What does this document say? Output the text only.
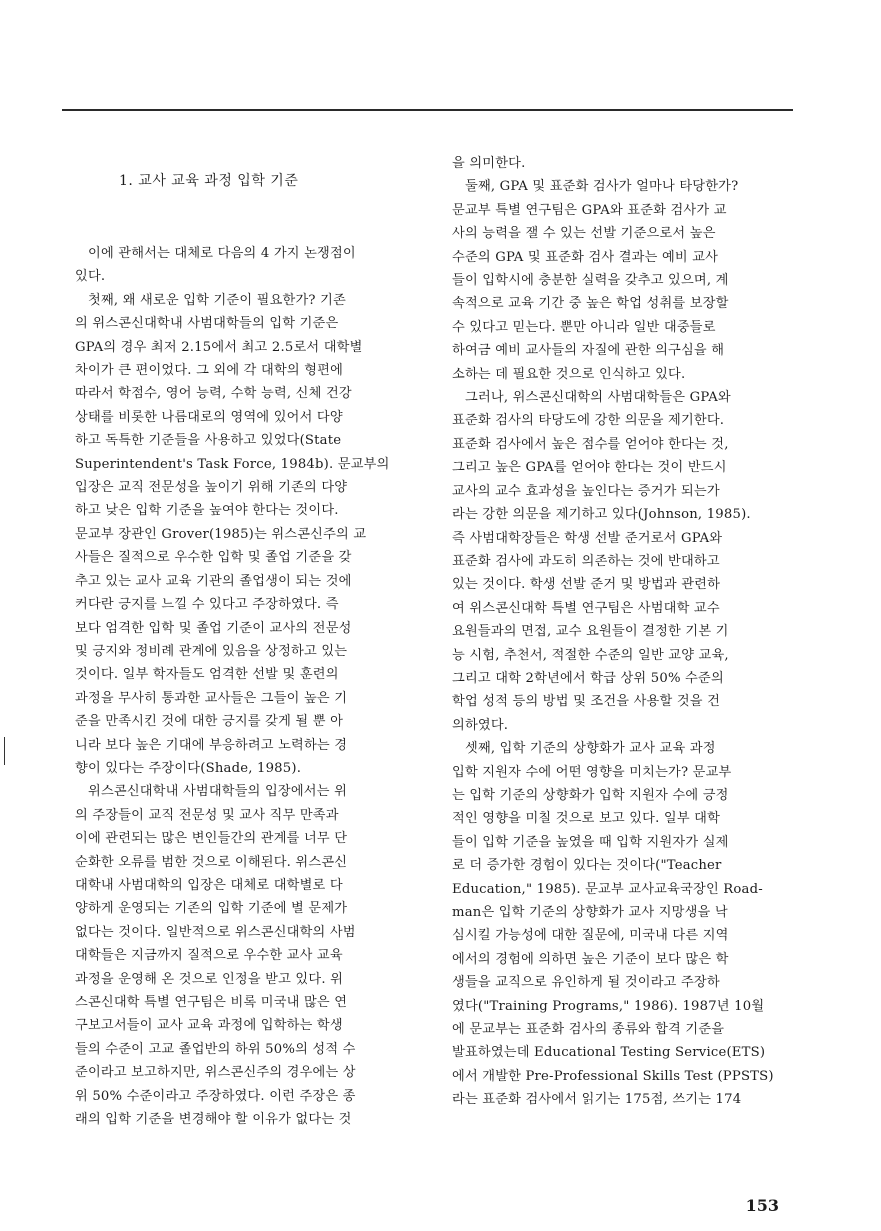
1. 교사 교육 과정 입학 기준
이에 관해서는 대체로 다음의 4 가지 논쟁점이
있다.
첫째, 왜 새로운 입학 기준이 필요한가? 기존
의 위스콘신대학내 사범대학들의 입학 기준은
GPA의 경우 최저 2.15에서 최고 2.5로서 대학별
차이가 큰 편이었다. 그 외에 각 대학의 형편에
따라서 학점수, 영어 능력, 수학 능력, 신체 건강
상태를 비롯한 나름대로의 영역에 있어서 다양
하고 독특한 기준들을 사용하고 있었다(State
Superintendent's Task Force, 1984b). 문교부의
입장은 교직 전문성을 높이기 위해 기존의 다양
하고 낮은 입학 기준을 높여야 한다는 것이다.
문교부 장관인 Grover(1985)는 위스콘신주의 교
사들은 질적으로 우수한 입학 및 졸업 기준을 갖
추고 있는 교사 교육 기관의 졸업생이 되는 것에
커다란 긍지를 느낄 수 있다고 주장하였다. 즉
보다 엄격한 입학 및 졸업 기준이 교사의 전문성
및 긍지와 정비례 관계에 있음을 상정하고 있는
것이다. 일부 학자들도 엄격한 선발 및 훈련의
과정을 무사히 통과한 교사들은 그들이 높은 기
준을 만족시킨 것에 대한 긍지를 갖게 될 뿐 아
니라 보다 높은 기대에 부응하려고 노력하는 경
향이 있다는 주장이다(Shade, 1985).
위스콘신대학내 사범대학들의 입장에서는 위
의 주장들이 교직 전문성 및 교사 직무 만족과
이에 관련되는 많은 변인들간의 관계를 너무 단
순화한 오류를 범한 것으로 이해된다. 위스콘신
대학내 사범대학의 입장은 대체로 대학별로 다
양하게 운영되는 기존의 입학 기준에 별 문제가
없다는 것이다. 일반적으로 위스콘신대학의 사범
대학들은 지금까지 질적으로 우수한 교사 교육
과정을 운영해 온 것으로 인정을 받고 있다. 위
스콘신대학 특별 연구팀은 비록 미국내 많은 연
구보고서들이 교사 교육 과정에 입학하는 학생
들의 수준이 고교 졸업반의 하위 50%의 성적 수
준이라고 보고하지만, 위스콘신주의 경우에는 상
위 50% 수준이라고 주장하였다. 이런 주장은 종
래의 입학 기준을 변경해야 할 이유가 없다는 것
을 의미한다.
둘째, GPA 및 표준화 검사가 얼마나 타당한가?
문교부 특별 연구팀은 GPA와 표준화 검사가 교
사의 능력을 잴 수 있는 선발 기준으로서 높은
수준의 GPA 및 표준화 검사 결과는 예비 교사
들이 입학시에 충분한 실력을 갖추고 있으며, 계
속적으로 교육 기간 중 높은 학업 성취를 보장할
수 있다고 믿는다. 뿐만 아니라 일반 대중들로
하여금 예비 교사들의 자질에 관한 의구심을 해
소하는 데 필요한 것으로 인식하고 있다.
그러나, 위스콘신대학의 사범대학들은 GPA와
표준화 검사의 타당도에 강한 의문을 제기한다.
표준화 검사에서 높은 점수를 얻어야 한다는 것,
그리고 높은 GPA를 얻어야 한다는 것이 반드시
교사의 교수 효과성을 높인다는 증거가 되는가
라는 강한 의문을 제기하고 있다(Johnson, 1985).
즉 사범대학장들은 학생 선발 준거로서 GPA와
표준화 검사에 과도히 의존하는 것에 반대하고
있는 것이다. 학생 선발 준거 및 방법과 관련하
여 위스콘신대학 특별 연구팀은 사범대학 교수
요원들과의 면접, 교수 요원들이 결정한 기본 기
능 시험, 추천서, 적절한 수준의 일반 교양 교육,
그리고 대학 2학년에서 학급 상위 50% 수준의
학업 성적 등의 방법 및 조건을 사용할 것을 건
의하였다.
셋째, 입학 기준의 상향화가 교사 교육 과정
입학 지원자 수에 어떤 영향을 미치는가? 문교부
는 입학 기준의 상향화가 입학 지원자 수에 긍정
적인 영향을 미칠 것으로 보고 있다. 일부 대학
들이 입학 기준을 높였을 때 입학 지원자가 실제
로 더 증가한 경험이 있다는 것이다("Teacher
Education," 1985). 문교부 교사교육국장인 Road-
man은 입학 기준의 상향화가 교사 지망생을 낙
심시킬 가능성에 대한 질문에, 미국내 다른 지역
에서의 경험에 의하면 높은 기준이 보다 많은 학
생들을 교직으로 유인하게 될 것이라고 주장하
였다("Training Programs," 1986). 1987년 10월
에 문교부는 표준화 검사의 종류와 합격 기준을
발표하였는데 Educational Testing Service(ETS)
에서 개발한 Pre-Professional Skills Test (PPSTS)
라는 표준화 검사에서 읽기는 175점, 쓰기는 174
153
